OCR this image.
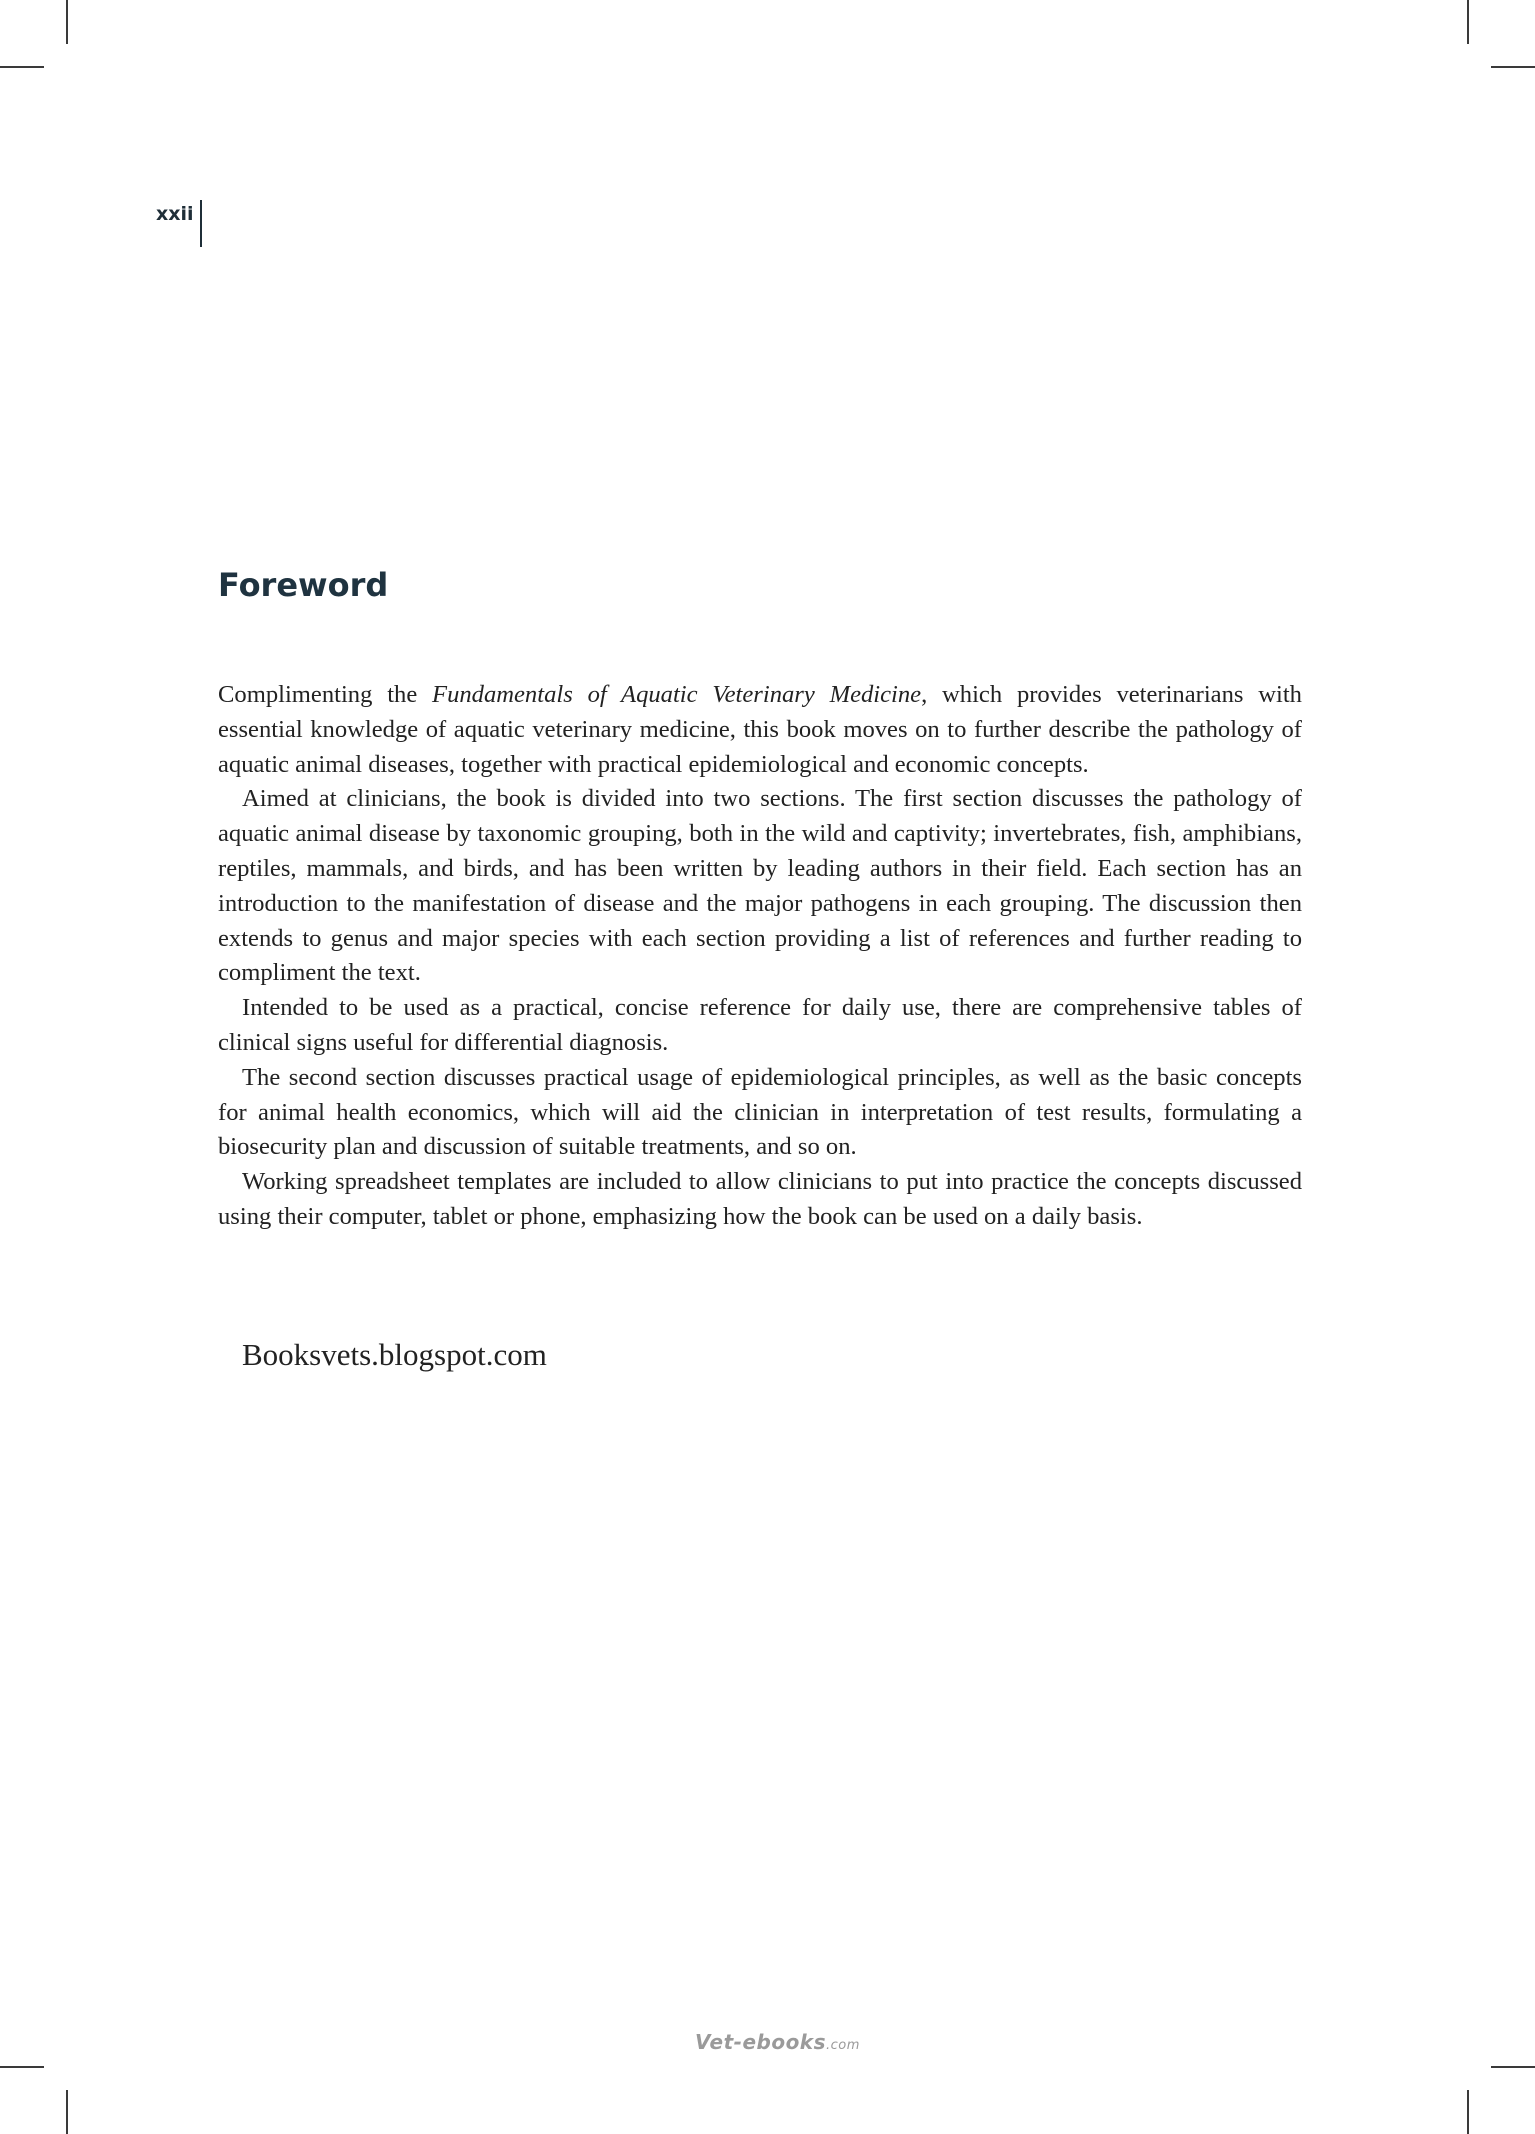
xxii
Foreword

Complimenting the Fundamentals of Aquatic Veterinary Medicine, which provides veterinarians with essential knowledge of aquatic veterinary medicine, this book moves on to further describe the pathology of aquatic animal diseases, together with practical epidemiological and economic concepts.

Aimed at clinicians, the book is divided into two sections. The first section discusses the pathology of aquatic animal disease by taxonomic grouping, both in the wild and captivity; invertebrates, fish, amphibians, reptiles, mammals, and birds, and has been written by leading authors in their field. Each section has an introduction to the manifestation of disease and the major pathogens in each grouping. The discussion then extends to genus and major species with each section providing a list of references and further reading to compliment the text.

Intended to be used as a practical, concise reference for daily use, there are comprehensive tables of clinical signs useful for differential diagnosis.

The second section discusses practical usage of epidemiological principles, as well as the basic concepts for animal health economics, which will aid the clinician in interpretation of test results, formulating a biosecurity plan and discussion of suitable treatments, and so on.

Working spreadsheet templates are included to allow clinicians to put into practice the concepts discussed using their computer, tablet or phone, emphasizing how the book can be used on a daily basis.

Booksvets.blogspot.com
Vet-ebooks.com
